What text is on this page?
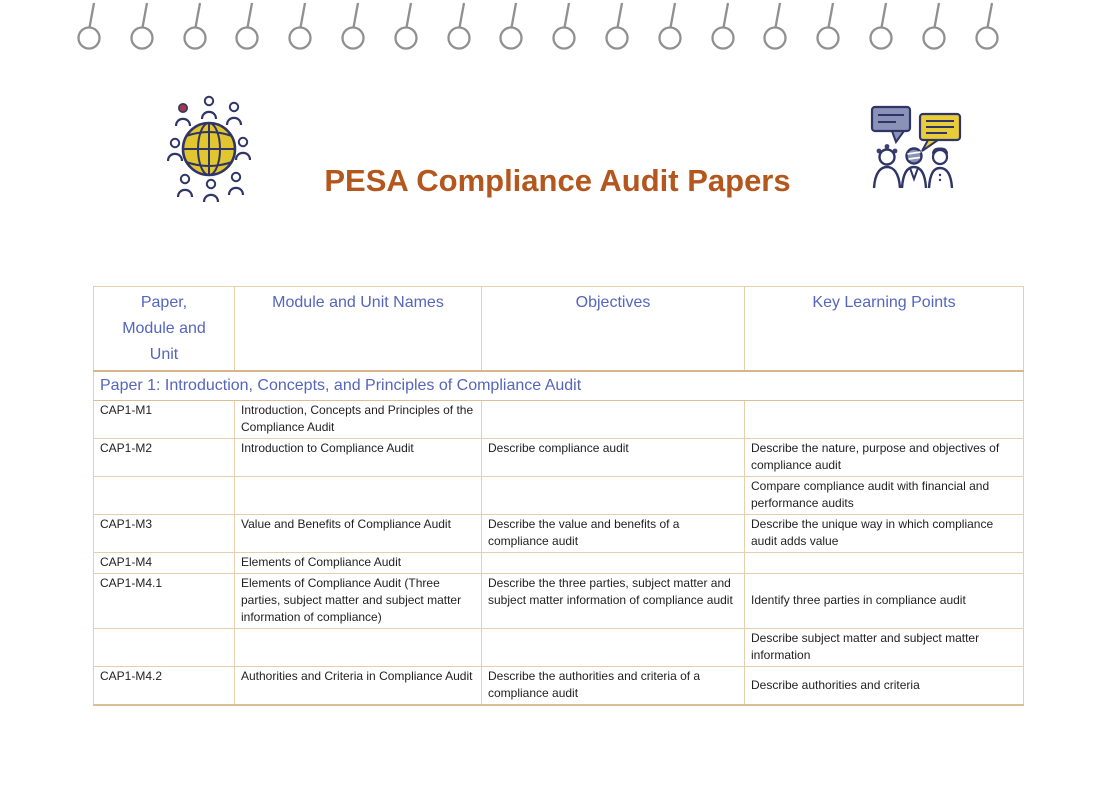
PESA Compliance Audit Papers
Paper, Module and Unit	Module and Unit Names	Objectives	Key Learning Points
Paper 1: Introduction, Concepts, and Principles of Compliance Audit			
CAP1-M1	Introduction, Concepts and Principles of the Compliance Audit		
CAP1-M2	Introduction to Compliance Audit	Describe compliance audit	Describe the nature, purpose and objectives of compliance audit
			Compare compliance audit with financial and performance audits
CAP1-M3	Value and Benefits of Compliance Audit	Describe the value and benefits of a compliance audit	Describe the unique way in which compliance audit adds value
CAP1-M4	Elements of Compliance Audit		
CAP1-M4.1	Elements of Compliance Audit (Three parties, subject matter and subject matter information of compliance)	Describe the three parties, subject matter and subject matter information of compliance audit	Identify three parties in compliance audit
			Describe subject matter and subject matter information
CAP1-M4.2	Authorities and Criteria in Compliance Audit	Describe the authorities and criteria of a compliance audit	Describe authorities and criteria
